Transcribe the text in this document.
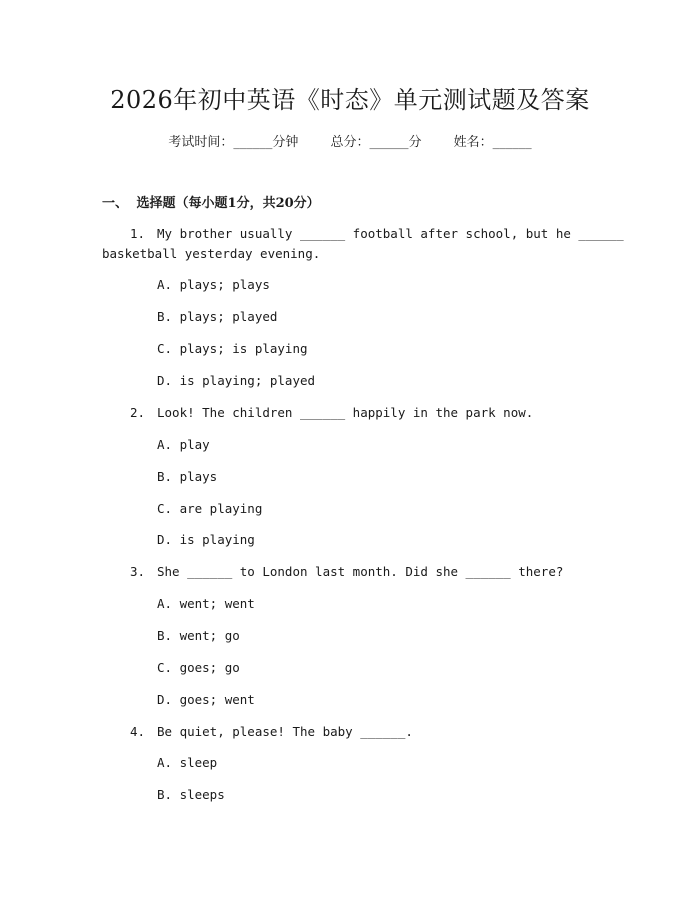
2026年初中英语《时态》单元测试题及答案
考试时间：______分钟 总分：______分 姓名：______
一、 选择题（每小题1分，共20分）
1. My brother usually ______ football after school, but he ______
basketball yesterday evening.
A. plays; plays
B. plays; played
C. plays; is playing
D. is playing; played
2. Look! The children ______ happily in the park now.
A. play
B. plays
C. are playing
D. is playing
3. She ______ to London last month. Did she ______ there?
A. went; went
B. went; go
C. goes; go
D. goes; went
4. Be quiet, please! The baby ______.
A. sleep
B. sleeps
